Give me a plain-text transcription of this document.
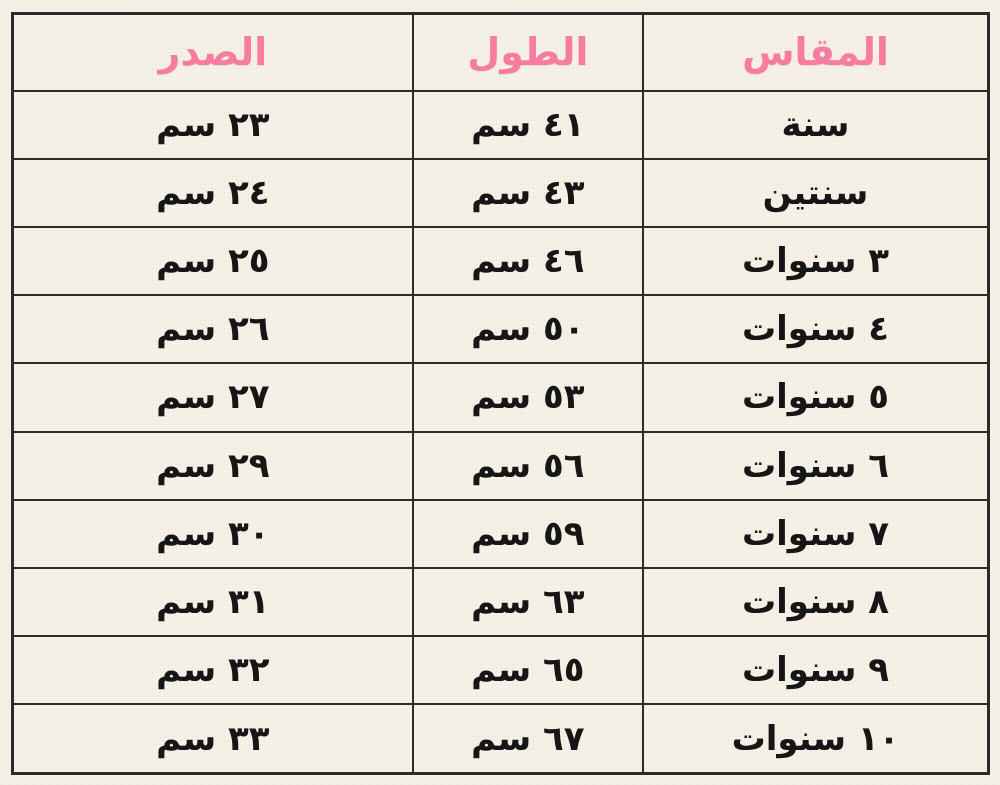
المقاس	الطول	الصدر
سنة	٤١ سم	٢٣ سم
سنتين	٤٣ سم	٢٤ سم
٣ سنوات	٤٦ سم	٢٥ سم
٤ سنوات	٥٠ سم	٢٦ سم
٥ سنوات	٥٣ سم	٢٧ سم
٦ سنوات	٥٦ سم	٢٩ سم
٧ سنوات	٥٩ سم	٣٠ سم
٨ سنوات	٦٣ سم	٣١ سم
٩ سنوات	٦٥ سم	٣٢ سم
١٠ سنوات	٦٧ سم	٣٣ سم
